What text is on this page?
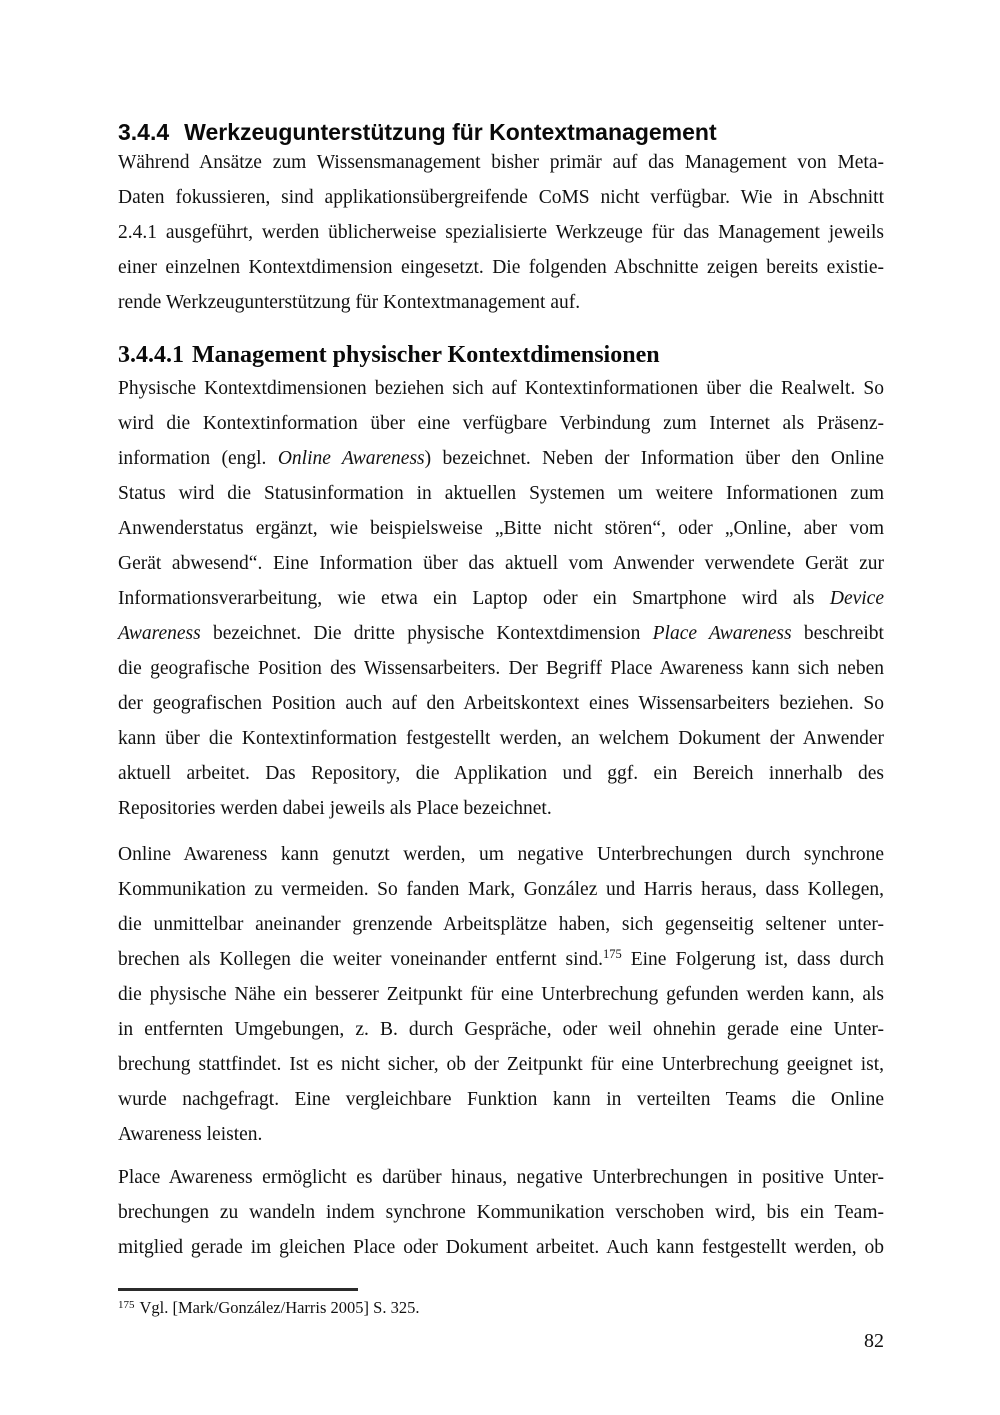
3.4.4 Werkzeugunterstützung für Kontextmanagement
Während Ansätze zum Wissensmanagement bisher primär auf das Management von Meta-
Daten fokussieren, sind applikationsübergreifende CoMS nicht verfügbar. Wie in Abschnitt
2.4.1 ausgeführt, werden üblicherweise spezialisierte Werkzeuge für das Management jeweils
einer einzelnen Kontextdimension eingesetzt. Die folgenden Abschnitte zeigen bereits existie-
rende Werkzeugunterstützung für Kontextmanagement auf.
3.4.4.1 Management physischer Kontextdimensionen
Physische Kontextdimensionen beziehen sich auf Kontextinformationen über die Realwelt. So
wird die Kontextinformation über eine verfügbare Verbindung zum Internet als Präsenz-
information (engl. Online Awareness) bezeichnet. Neben der Information über den Online
Status wird die Statusinformation in aktuellen Systemen um weitere Informationen zum
Anwenderstatus ergänzt, wie beispielsweise „Bitte nicht stören“, oder „Online, aber vom
Gerät abwesend“. Eine Information über das aktuell vom Anwender verwendete Gerät zur
Informationsverarbeitung, wie etwa ein Laptop oder ein Smartphone wird als Device
Awareness bezeichnet. Die dritte physische Kontextdimension Place Awareness beschreibt
die geografische Position des Wissensarbeiters. Der Begriff Place Awareness kann sich neben
der geografischen Position auch auf den Arbeitskontext eines Wissensarbeiters beziehen. So
kann über die Kontextinformation festgestellt werden, an welchem Dokument der Anwender
aktuell arbeitet. Das Repository, die Applikation und ggf. ein Bereich innerhalb des
Repositories werden dabei jeweils als Place bezeichnet.
Online Awareness kann genutzt werden, um negative Unterbrechungen durch synchrone
Kommunikation zu vermeiden. So fanden Mark, González und Harris heraus, dass Kollegen,
die unmittelbar aneinander grenzende Arbeitsplätze haben, sich gegenseitig seltener unter-
brechen als Kollegen die weiter voneinander entfernt sind.$^{175}$ Eine Folgerung ist, dass durch
die physische Nähe ein besserer Zeitpunkt für eine Unterbrechung gefunden werden kann, als
in entfernten Umgebungen, z. B. durch Gespräche, oder weil ohnehin gerade eine Unter-
brechung stattfindet. Ist es nicht sicher, ob der Zeitpunkt für eine Unterbrechung geeignet ist,
wurde nachgefragt. Eine vergleichbare Funktion kann in verteilten Teams die Online
Awareness leisten.
Place Awareness ermöglicht es darüber hinaus, negative Unterbrechungen in positive Unter-
brechungen zu wandeln indem synchrone Kommunikation verschoben wird, bis ein Team-
mitglied gerade im gleichen Place oder Dokument arbeitet. Auch kann festgestellt werden, ob
$^{175}$ Vgl. [Mark/González/Harris 2005] S. 325.
82
